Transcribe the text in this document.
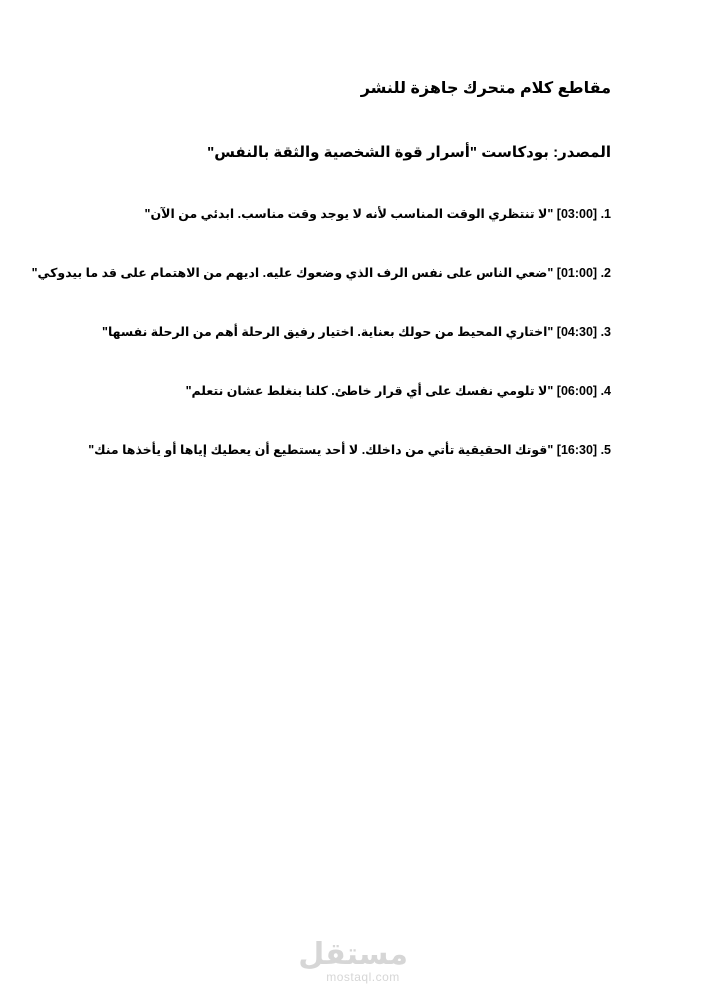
مقاطع كلام متحرك جاهزة للنشر
المصدر: بودكاست "أسرار قوة الشخصية والثقة بالنفس"
1. [03:00] "لا تنتظري الوقت المناسب لأنه لا يوجد وقت مناسب. ابدئي من الآن"
2. [01:00] "ضعي الناس على نفس الرف الذي وضعوك عليه. اديهم من الاهتمام على قد ما بيدوكي"
3. [04:30] "اختاري المحيط من حولك بعناية. اختيار رفيق الرحلة أهم من الرحلة نفسها"
4. [06:00] "لا تلومي نفسك على أي قرار خاطئ. كلنا بنغلط عشان نتعلم"
5. [16:30] "قوتك الحقيقية تأتي من داخلك. لا أحد يستطيع أن يعطيك إياها أو يأخذها منك"
مستقل
mostaql.com
